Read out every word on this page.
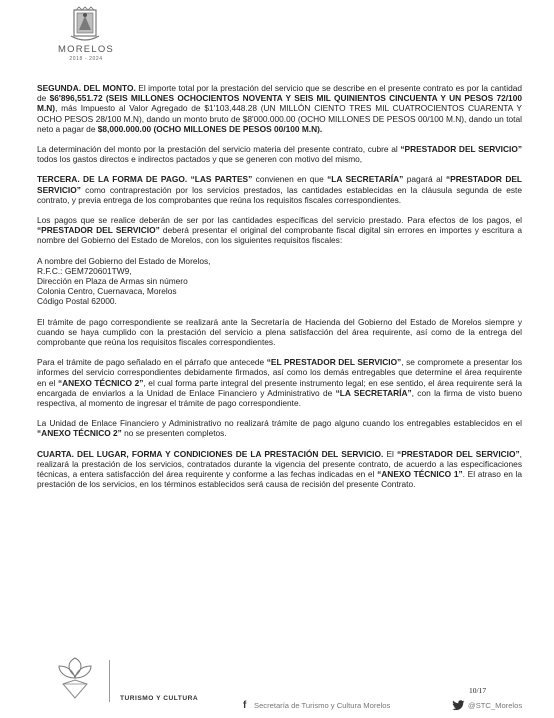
MORELOS
2018 - 2024

SEGUNDA. DEL MONTO. El importe total por la prestación del servicio que se describe en el presente contrato es por la cantidad de $6'896,551.72 (SEIS MILLONES OCHOCIENTOS NOVENTA Y SEIS MIL QUINIENTOS CINCUENTA Y UN PESOS 72/100 M.N), más Impuesto al Valor Agregado de $1'103,448.28 (UN MILLÓN CIENTO TRES MIL CUATROCIENTOS CUARENTA Y OCHO PESOS 28/100 M.N), dando un monto bruto de $8'000.000.00 (OCHO MILLONES DE PESOS 00/100 M.N), dando un total neto a pagar de $8,000.000.00 (OCHO MILLONES DE PESOS 00/100 M.N).

La determinación del monto por la prestación del servicio materia del presente contrato, cubre al “PRESTADOR DEL SERVICIO” todos los gastos directos e indirectos pactados y que se generen con motivo del mismo,

TERCERA. DE LA FORMA DE PAGO. “LAS PARTES” convienen en que “LA SECRETARÍA” pagará al “PRESTADOR DEL SERVICIO” como contraprestación por los servicios prestados, las cantidades establecidas en la cláusula segunda de este contrato, y previa entrega de los comprobantes que reúna los requisitos fiscales correspondientes.

Los pagos que se realice deberán de ser por las cantidades específicas del servicio prestado. Para efectos de los pagos, el “PRESTADOR DEL SERVICIO” deberá presentar el original del comprobante fiscal digital sin errores en importes y escritura a nombre del Gobierno del Estado de Morelos, con los siguientes requisitos fiscales:

A nombre del Gobierno del Estado de Morelos,
R.F.C.: GEM720601TW9,
Dirección en Plaza de Armas sin número
Colonia Centro, Cuernavaca, Morelos
Código Postal 62000.

El trámite de pago correspondiente se realizará ante la Secretaría de Hacienda del Gobierno del Estado de Morelos siempre y cuando se haya cumplido con la prestación del servicio a plena satisfacción del área requirente, así como de la entrega del comprobante que reúna los requisitos fiscales correspondientes.

Para el trámite de pago señalado en el párrafo que antecede “EL PRESTADOR DEL SERVICIO”, se compromete a presentar los informes del servicio correspondientes debidamente firmados, así como los demás entregables que determine el área requirente en el “ANEXO TÉCNICO 2”, el cual forma parte integral del presente instrumento legal; en ese sentido, el área requirente será la encargada de enviarlos a la Unidad de Enlace Financiero y Administrativo de “LA SECRETARÍA”, con la firma de visto bueno respectiva, al momento de ingresar el trámite de pago correspondiente.

La Unidad de Enlace Financiero y Administrativo no realizará trámite de pago alguno cuando los entregables establecidos en el “ANEXO TÉCNICO 2” no se presenten completos.

CUARTA. DEL LUGAR, FORMA Y CONDICIONES DE LA PRESTACIÓN DEL SERVICIO. El “PRESTADOR DEL SERVICIO”, realizará la prestación de los servicios, contratados durante la vigencia del presente contrato, de acuerdo a las especificaciones técnicas, a entera satisfacción del área requirente y conforme a las fechas indicadas en el “ANEXO TÉCNICO 1”. El atraso en la prestación de los servicios, en los términos establecidos será causa de recisión del presente Contrato.

TURISMO Y CULTURA
10/17
f Secretaría de Turismo y Cultura Morelos	@STC_Morelos
